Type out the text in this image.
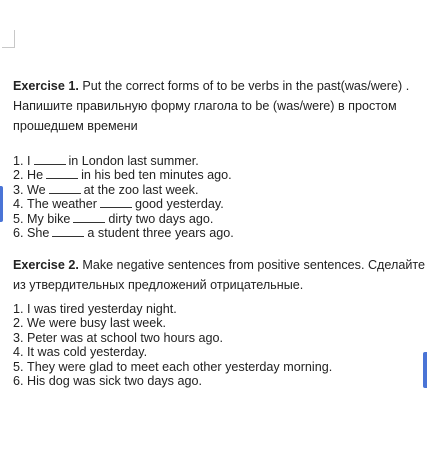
Exercise 1. Put the correct forms of to be verbs in the past(was/were) .
Напишите правильную форму глагола to be (was/were) в простом
прошедшем времени
1. I	in London last summer.
2. He	in his bed ten minutes ago.
3. We	at the zoo last week.
4. The weather	good yesterday.
5. My bike	dirty two days ago.
6. She	a student three years ago.
Exercise 2. Make negative sentences from positive sentences. Сделайте
из утвердительных предложений отрицательные.
1. I was tired yesterday night.
2. We were busy last week.
3. Peter was at school two hours ago.
4. It was cold yesterday.
5. They were glad to meet each other yesterday morning.
6. His dog was sick two days ago.
